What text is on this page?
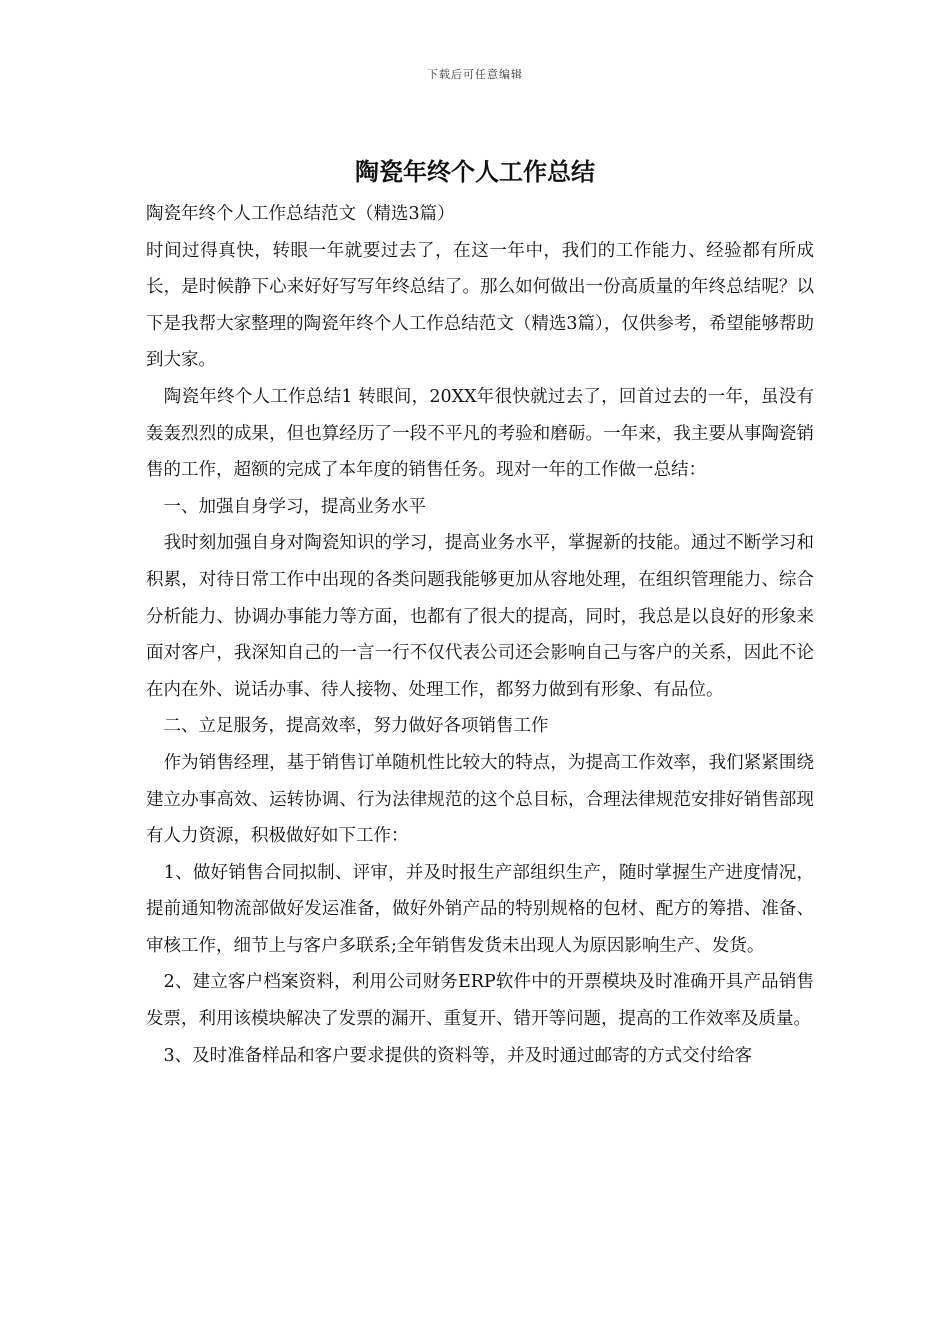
下载后可任意编辑
陶瓷年终个人工作总结

陶瓷年终个人工作总结范文（精选3篇）

时间过得真快，转眼一年就要过去了，在这一年中，我们的工作能力、经验都有所成长，是时候静下心来好好写写年终总结了。那么如何做出一份高质量的年终总结呢？以下是我帮大家整理的陶瓷年终个人工作总结范文（精选3篇），仅供参考，希望能够帮助到大家。

　陶瓷年终个人工作总结1 转眼间，20XX年很快就过去了，回首过去的一年，虽没有轰轰烈烈的成果，但也算经历了一段不平凡的考验和磨砺。一年来，我主要从事陶瓷销售的工作，超额的完成了本年度的销售任务。现对一年的工作做一总结：

　一、加强自身学习，提高业务水平

　我时刻加强自身对陶瓷知识的学习，提高业务水平，掌握新的技能。通过不断学习和积累，对待日常工作中出现的各类问题我能够更加从容地处理，在组织管理能力、综合分析能力、协调办事能力等方面，也都有了很大的提高，同时，我总是以良好的形象来面对客户，我深知自己的一言一行不仅代表公司还会影响自己与客户的关系，因此不论在内在外、说话办事、待人接物、处理工作，都努力做到有形象、有品位。

　二、立足服务，提高效率，努力做好各项销售工作

　作为销售经理，基于销售订单随机性比较大的特点，为提高工作效率，我们紧紧围绕建立办事高效、运转协调、行为法律规范的这个总目标，合理法律规范安排好销售部现有人力资源，积极做好如下工作：

　1、做好销售合同拟制、评审，并及时报生产部组织生产，随时掌握生产进度情况，提前通知物流部做好发运准备，做好外销产品的特别规格的包材、配方的筹措、准备、审核工作，细节上与客户多联系;全年销售发货未出现人为原因影响生产、发货。

　2、建立客户档案资料，利用公司财务ERP软件中的开票模块及时准确开具产品销售发票，利用该模块解决了发票的漏开、重复开、错开等问题，提高的工作效率及质量。

　3、及时准备样品和客户要求提供的资料等，并及时通过邮寄的方式交付给客
